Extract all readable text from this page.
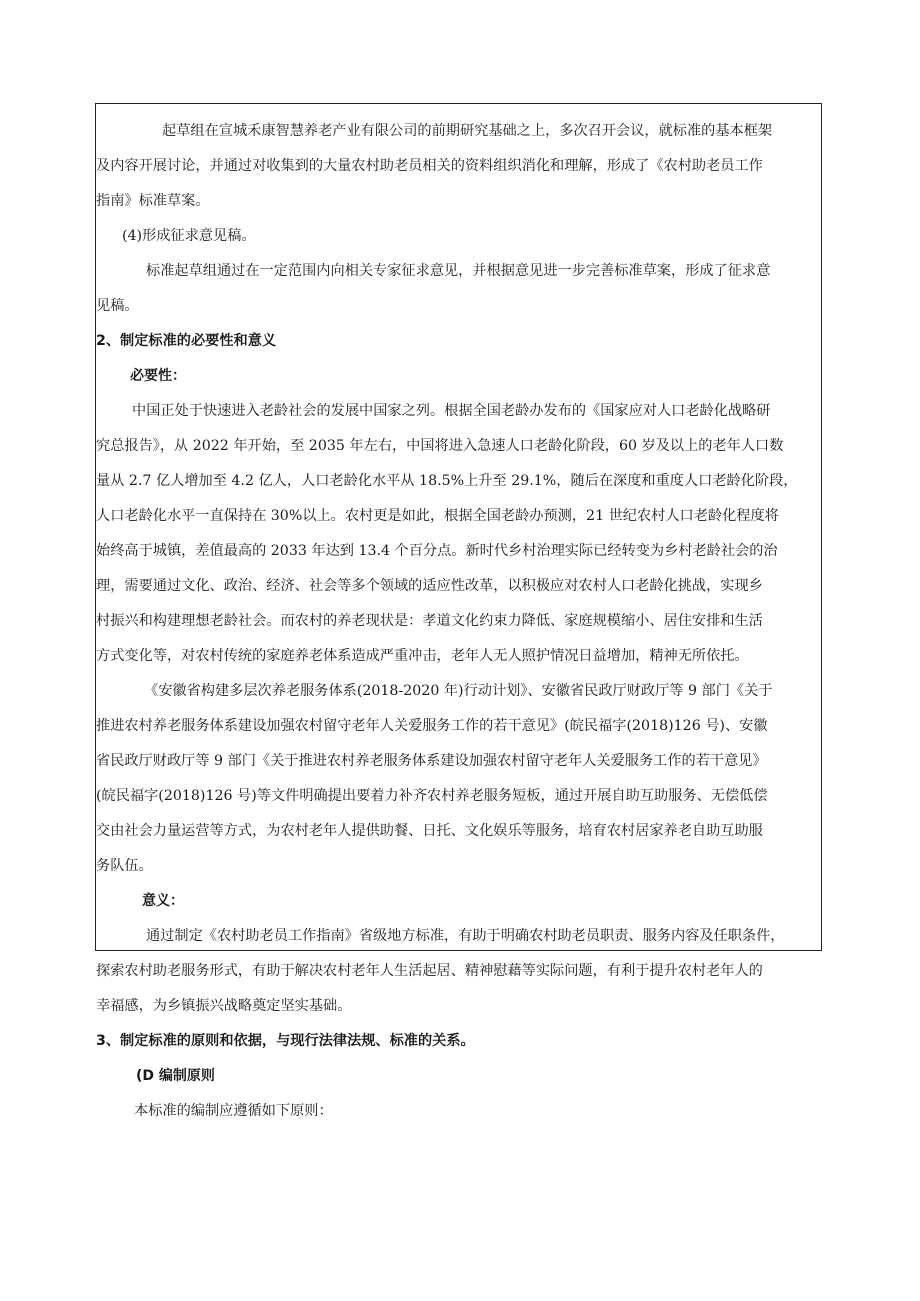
起草组在宣城禾康智慧养老产业有限公司的前期研究基础之上，多次召开会议，就标准的基本框架
及内容开展讨论，并通过对收集到的大量农村助老员相关的资料组织消化和理解，形成了《农村助老员工作
指南》标准草案。
(4)形成征求意见稿。
标准起草组通过在一定范围内向相关专家征求意见，并根据意见进一步完善标准草案，形成了征求意
见稿。
2、制定标准的必要性和意义
必要性：
中国正处于快速进入老龄社会的发展中国家之列。根据全国老龄办发布的《国家应对人口老龄化战略研
究总报告》，从 2022 年开始，至 2035 年左右，中国将进入急速人口老龄化阶段，60 岁及以上的老年人口数
量从 2.7 亿人增加至 4.2 亿人，人口老龄化水平从 18.5%上升至 29.1%，随后在深度和重度人口老龄化阶段，
人口老龄化水平一直保持在 30%以上。农村更是如此，根据全国老龄办预测，21 世纪农村人口老龄化程度将
始终高于城镇，差值最高的 2033 年达到 13.4 个百分点。新时代乡村治理实际已经转变为乡村老龄社会的治
理，需要通过文化、政治、经济、社会等多个领域的适应性改革，以积极应对农村人口老龄化挑战，实现乡
村振兴和构建理想老龄社会。而农村的养老现状是：孝道文化约束力降低、家庭规模缩小、居住安排和生活
方式变化等，对农村传统的家庭养老体系造成严重冲击，老年人无人照护情况日益增加，精神无所依托。
《安徽省构建多层次养老服务体系(2018-2020 年)行动计划》、安徽省民政厅财政厅等 9 部门《关于
推进农村养老服务体系建设加强农村留守老年人关爱服务工作的若干意见》(皖民福字(2018)126 号)、安徽
省民政厅财政厅等 9 部门《关于推进农村养老服务体系建设加强农村留守老年人关爱服务工作的若干意见》
(皖民福字(2018)126 号)等文件明确提出要着力补齐农村养老服务短板，通过开展自助互助服务、无偿低偿
交由社会力量运营等方式，为农村老年人提供助餐、日托、文化娱乐等服务，培育农村居家养老自助互助服
务队伍。
意义：
通过制定《农村助老员工作指南》省级地方标准，有助于明确农村助老员职责、服务内容及任职条件，
探索农村助老服务形式，有助于解决农村老年人生活起居、精神慰藉等实际问题，有利于提升农村老年人的
幸福感，为乡镇振兴战略奠定坚实基础。
3、制定标准的原则和依据，与现行法律法规、标准的关系。
(D 编制原则
本标准的编制应遵循如下原则：
